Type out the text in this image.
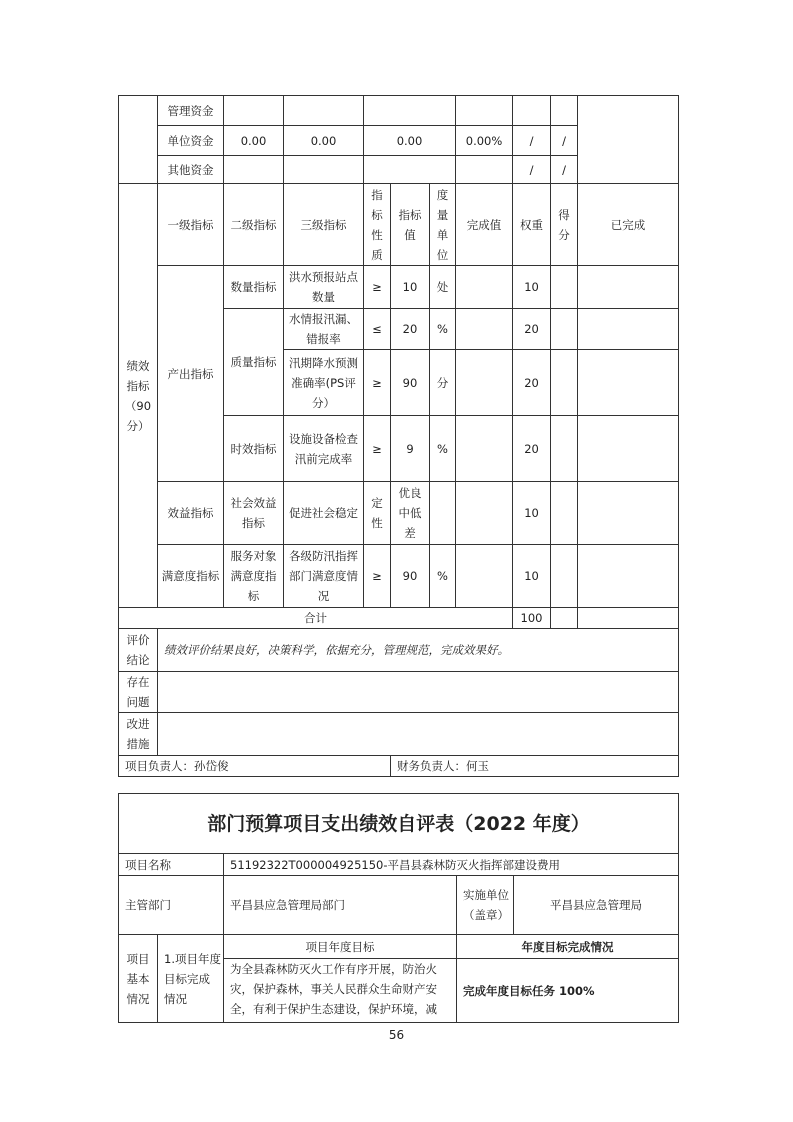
	管理资金									
	单位资金	0.00	0.00	0.00			0.00%	/	/	
	其他资金							/	/	
绩效指标（90分）	一级指标	二级指标	三级指标	指标性质	指标值	度量单位	完成值	权重	得分	已完成
	产出指标	数量指标	洪水预报站点数量	≥	10	处		10		
		质量指标	水情报汛漏、错报率	≤	20	%		20		
			汛期降水预测准确率(PS评分）	≥	90	分		20		
		时效指标	设施设备检查汛前完成率	≥	9	%		20		
	效益指标	社会效益指标	促进社会稳定	定性	优良中低差			10		
	满意度指标	服务对象满意度指标	各级防汛指挥部门满意度情况	≥	90	%		10		
合计								100		
评价结论	绩效评价结果良好，决策科学，依据充分，管理规范，完成效果好。									
存在问题										
改进措施										
项目负责人：孙岱俊					财务负责人：何玉					
部门预算项目支出绩效自评表（2022 年度）				
项目名称		51192322T000004925150-平昌县森林防灭火指挥部建设费用		
主管部门		平昌县应急管理局部门	实施单位（盖章）	平昌县应急管理局
项目基本情况	1.项目年度目标完成情况	项目年度目标	年度目标完成情况	
		为全县森林防灭火工作有序开展，防治火灾，保护森林，事关人民群众生命财产安全，有利于保护生态建设，保护环境，减	完成年度目标任务 100%	
56
